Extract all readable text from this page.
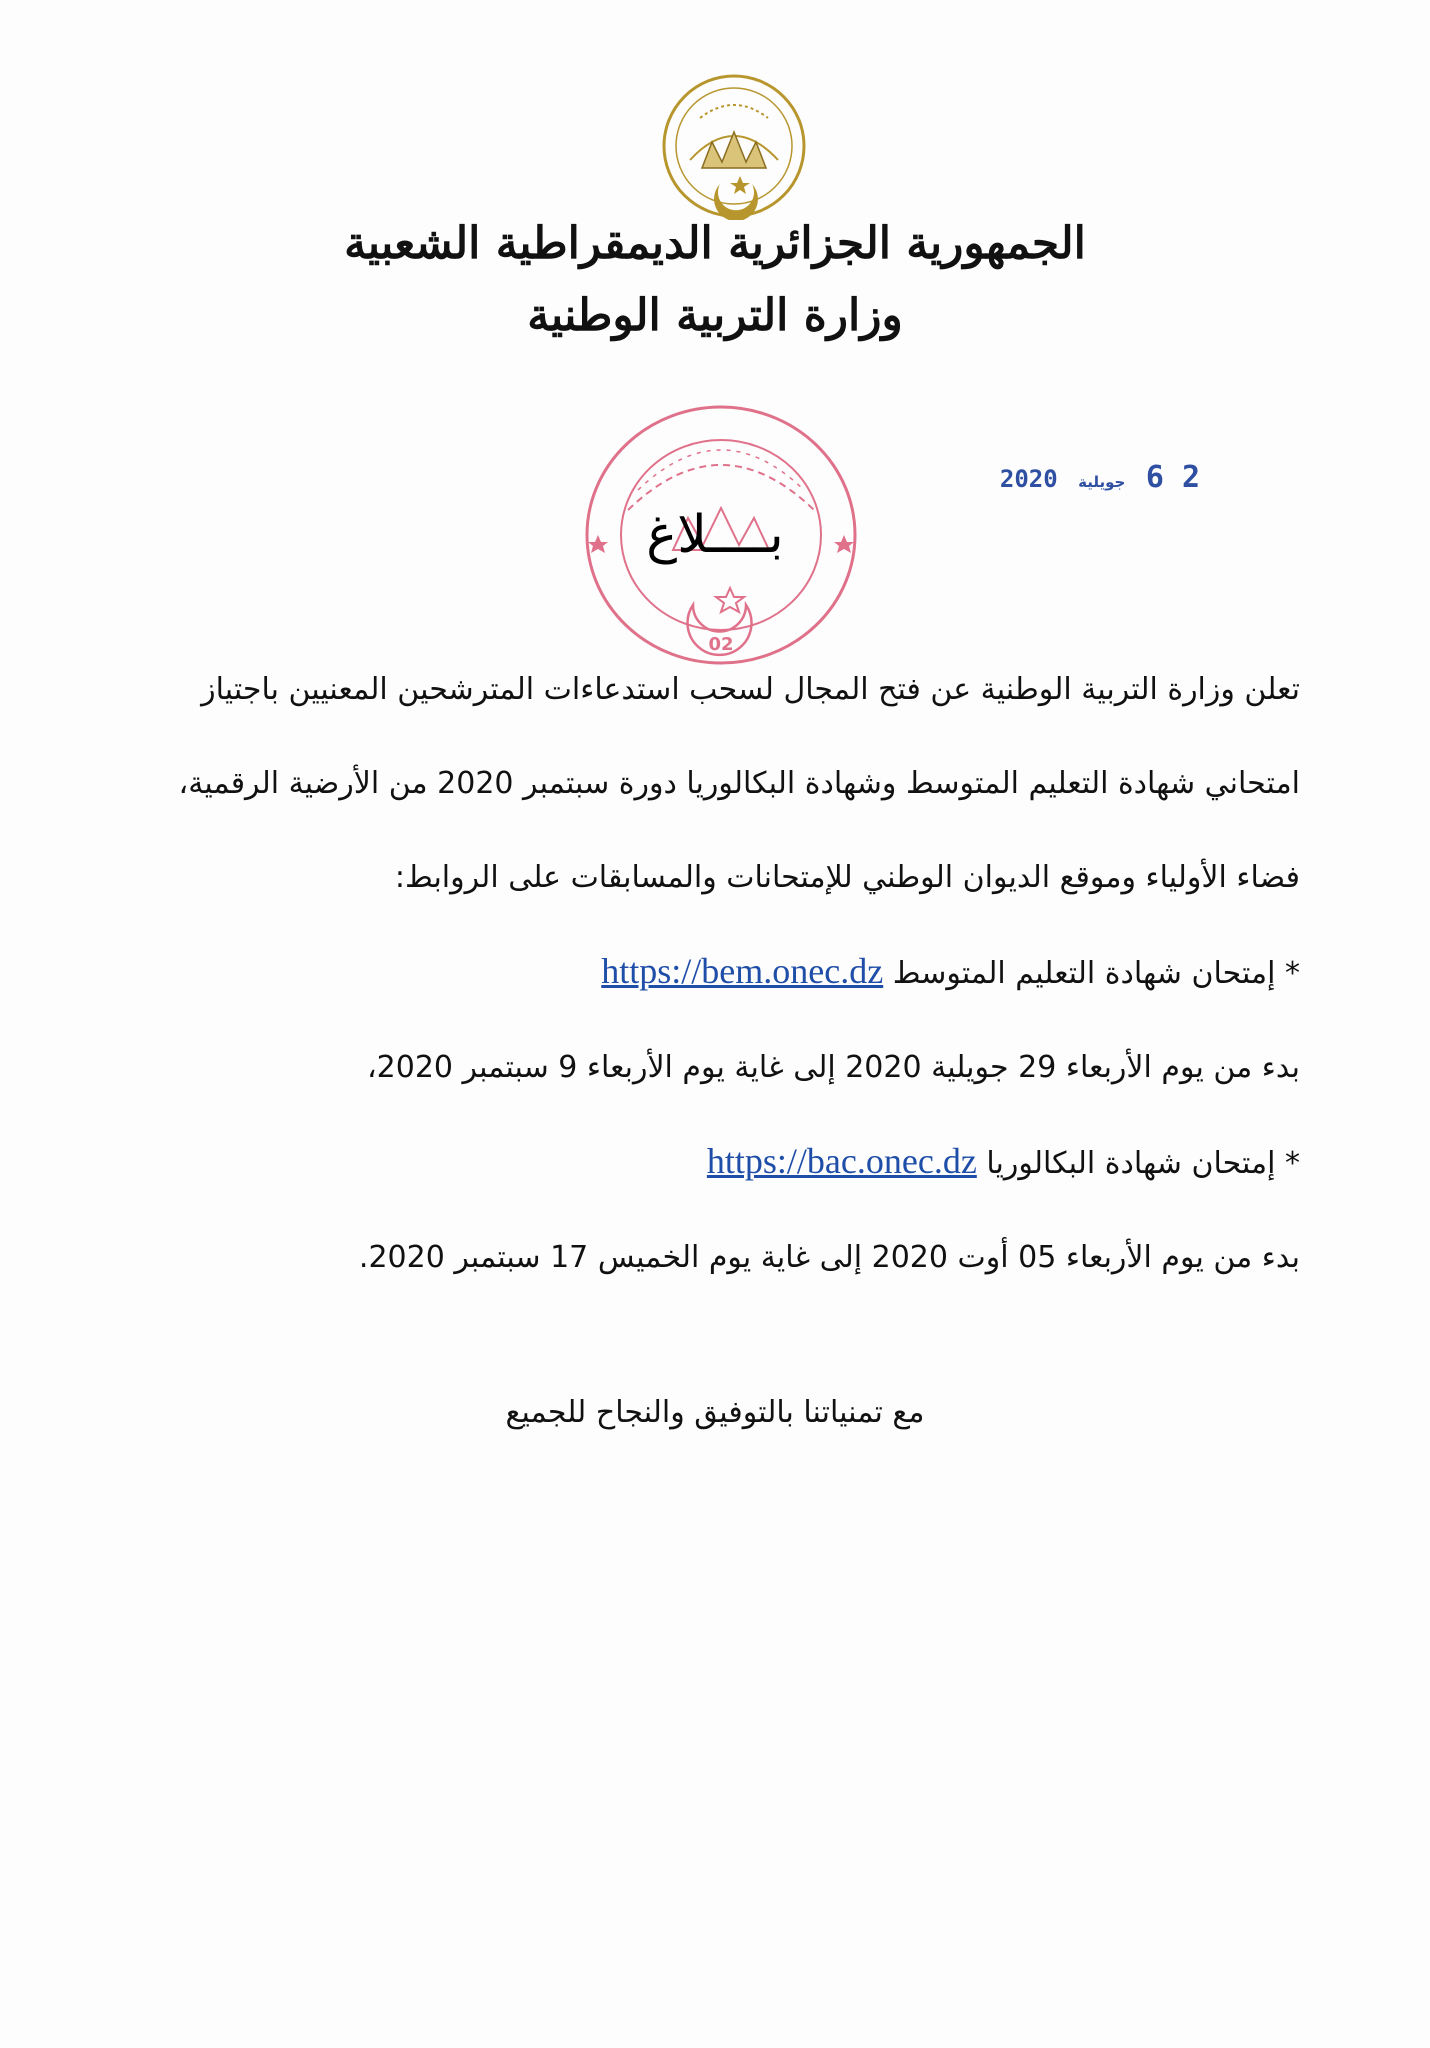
الجمهورية الجزائرية الديمقراطية الشعبية
وزارة التربية الوطنية
2 6 جويلية 2020
02
بــــلاغ
تعلن وزارة التربية الوطنية عن فتح المجال لسحب استدعاءات المترشحين المعنيين باجتياز
امتحاني شهادة التعليم المتوسط وشهادة البكالوريا دورة سبتمبر 2020 من الأرضية الرقمية،
فضاء الأولياء وموقع الديوان الوطني للإمتحانات والمسابقات على الروابط:
* إمتحان شهادة التعليم المتوسط https://bem.onec.dz
بدء من يوم الأربعاء 29 جويلية 2020 إلى غاية يوم الأربعاء 9 سبتمبر 2020،
* إمتحان شهادة البكالوريا https://bac.onec.dz
بدء من يوم الأربعاء 05 أوت 2020 إلى غاية يوم الخميس 17 سبتمبر 2020.
مع تمنياتنا بالتوفيق والنجاح للجميع
